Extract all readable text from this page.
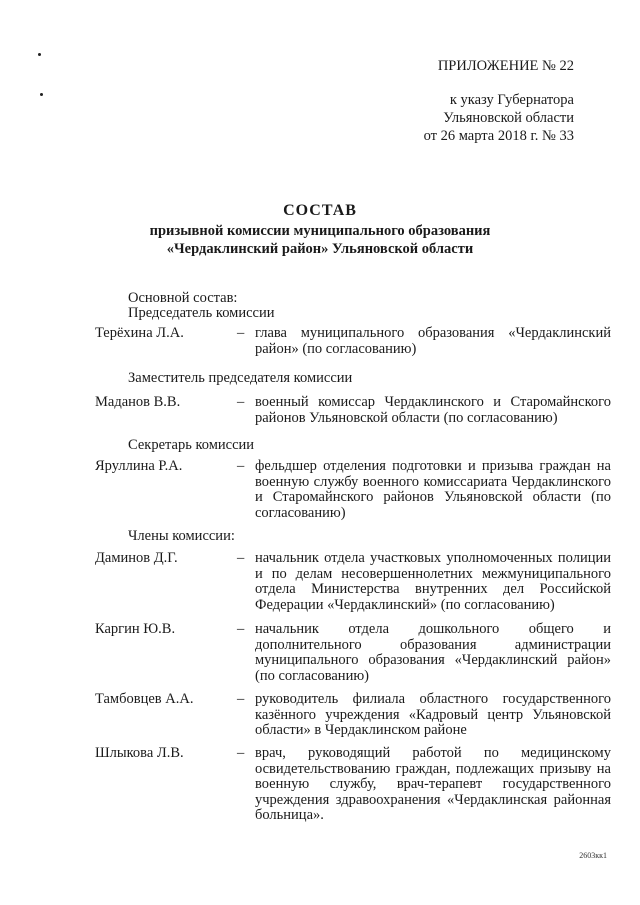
ПРИЛОЖЕНИЕ № 22
к указу Губернатора
Ульяновской области
от 26 марта 2018 г. № 33
СОСТАВ
призывной комиссии муниципального образования
«Чердаклинский район» Ульяновской области
Основной состав:
Председатель комиссии
Терёхина Л.А.	– глава муниципального образования «Чердаклинский район» (по согласованию)
Заместитель председателя комиссии
Маданов В.В.	– военный комиссар Чердаклинского и Старомайнского районов Ульяновской области (по согласованию)
Секретарь комиссии
Яруллина Р.А.	– фельдшер отделения подготовки и призыва граждан на военную службу военного комиссариата Чердаклинского и Старомайнского районов Ульяновской области (по согласованию)
Члены комиссии:
Даминов Д.Г.	– начальник отдела участковых уполномоченных полиции и по делам несовершеннолетних межмуниципального отдела Министерства внутренних дел Российской Федерации «Чердаклинский» (по согласованию)
Каргин Ю.В.	– начальник отдела дошкольного общего и дополнительного образования администрации муниципального образования «Чердаклинский район» (по согласованию)
Тамбовцев А.А.	– руководитель филиала областного государственного казённого учреждения «Кадровый центр Ульяновской области» в Чердаклинском районе
Шлыкова Л.В.	– врач, руководящий работой по медицинскому освидетельствованию граждан, подлежащих призыву на военную службу, врач-терапевт государственного учреждения здравоохранения «Чердаклинская районная больница».
2603кк1
